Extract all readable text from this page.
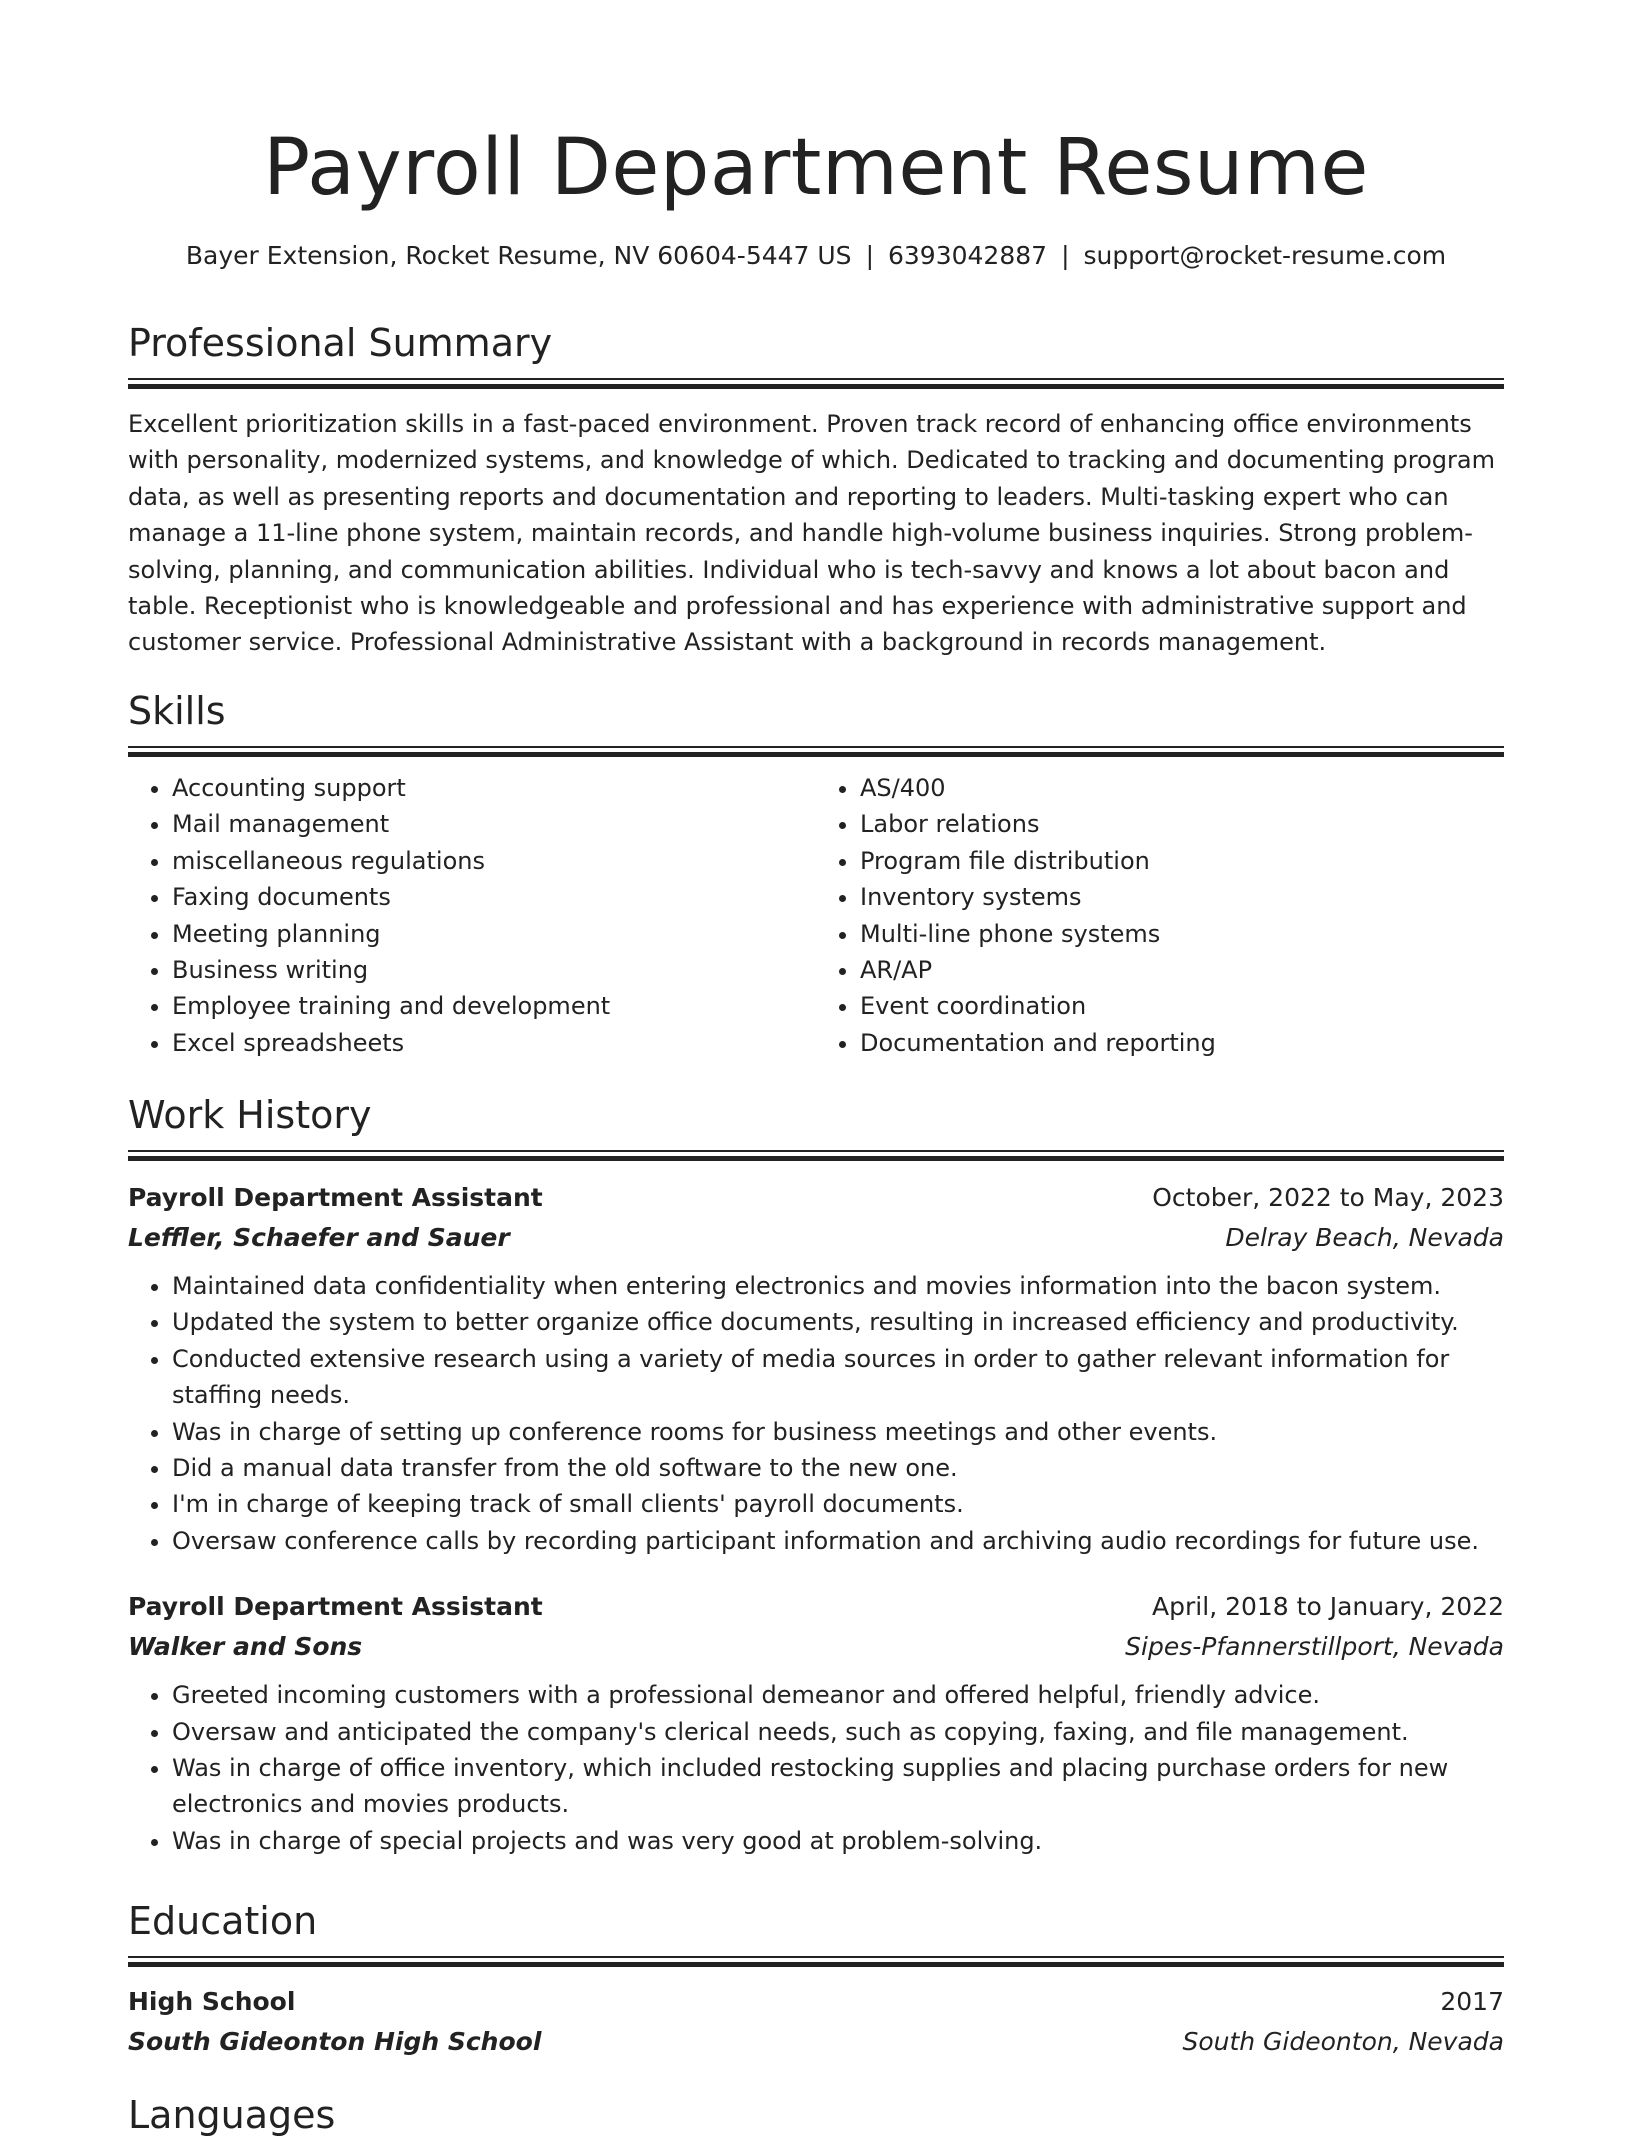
Payroll Department Resume
Bayer Extension, Rocket Resume, NV 60604-5447 US | 6393042887 | support@rocket-resume.com
Professional Summary

Excellent prioritization skills in a fast-paced environment. Proven track record of enhancing office environments with personality, modernized systems, and knowledge of which. Dedicated to tracking and documenting program data, as well as presenting reports and documentation and reporting to leaders. Multi-tasking expert who can manage a 11-line phone system, maintain records, and handle high-volume business inquiries. Strong problem-solving, planning, and communication abilities. Individual who is tech-savvy and knows a lot about bacon and table. Receptionist who is knowledgeable and professional and has experience with administrative support and customer service. Professional Administrative Assistant with a background in records management.

Skills
• Accounting support
• Mail management
• miscellaneous regulations
• Faxing documents
• Meeting planning
• Business writing
• Employee training and development
• Excel spreadsheets
• AS/400
• Labor relations
• Program file distribution
• Inventory systems
• Multi-line phone systems
• AR/AP
• Event coordination
• Documentation and reporting
Work History
Payroll Department Assistant	October, 2022 to May, 2023
Leffler, Schaefer and Sauer	Delray Beach, Nevada
• Maintained data confidentiality when entering electronics and movies information into the bacon system.
• Updated the system to better organize office documents, resulting in increased efficiency and productivity.
• Conducted extensive research using a variety of media sources in order to gather relevant information for staffing needs.
• Was in charge of setting up conference rooms for business meetings and other events.
• Did a manual data transfer from the old software to the new one.
• I'm in charge of keeping track of small clients' payroll documents.
• Oversaw conference calls by recording participant information and archiving audio recordings for future use.
Payroll Department Assistant	April, 2018 to January, 2022
Walker and Sons	Sipes-Pfannerstillport, Nevada
• Greeted incoming customers with a professional demeanor and offered helpful, friendly advice.
• Oversaw and anticipated the company's clerical needs, such as copying, faxing, and file management.
• Was in charge of office inventory, which included restocking supplies and placing purchase orders for new electronics and movies products.
• Was in charge of special projects and was very good at problem-solving.
Education
High School	2017
South Gideonton High School	South Gideonton, Nevada
Languages
